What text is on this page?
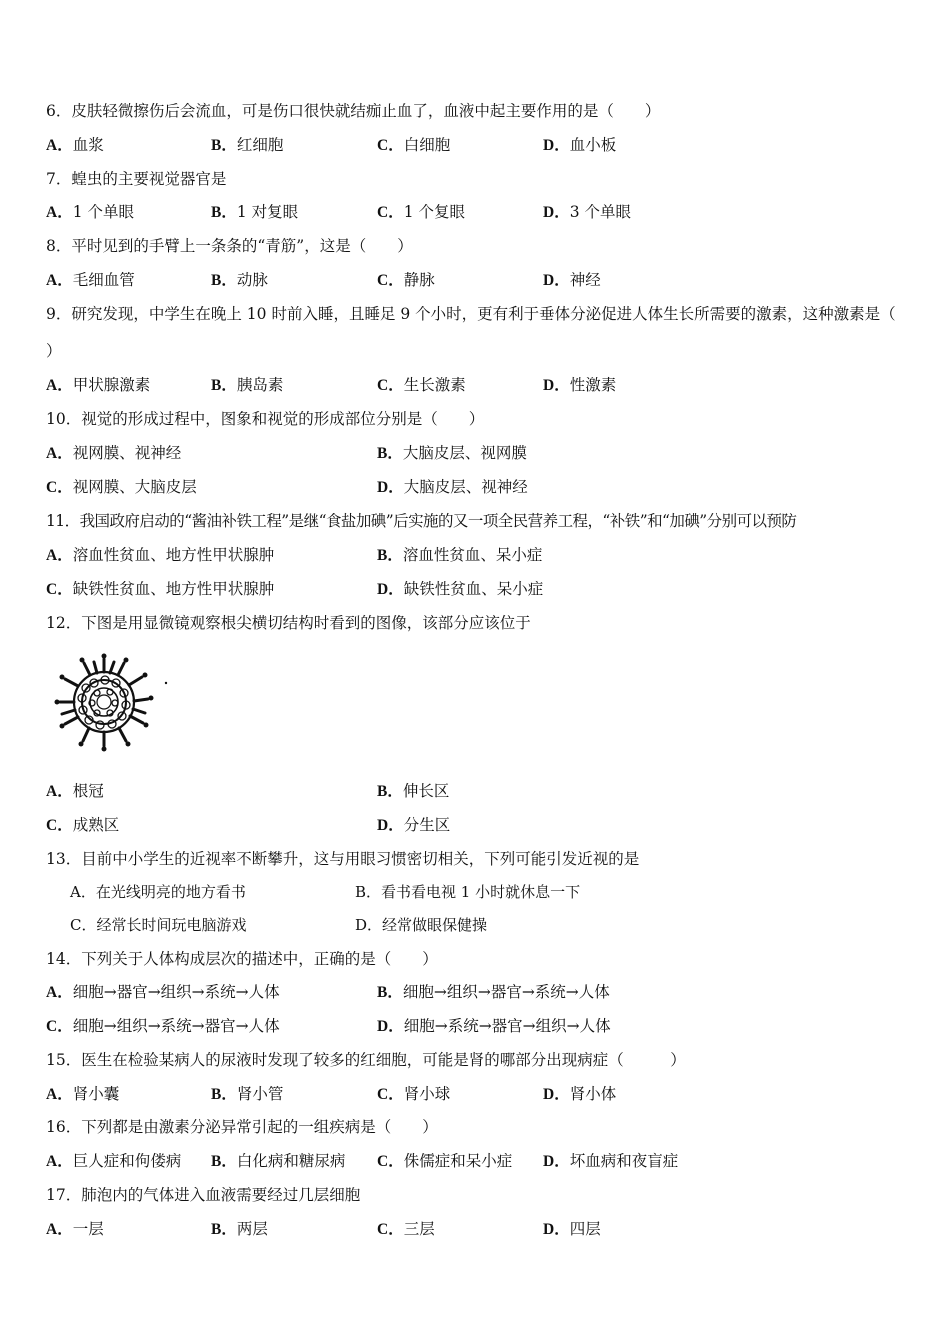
6．皮肤轻微擦伤后会流血，可是伤口很快就结痂止血了，血液中起主要作用的是（　　）
A．血浆	B．红细胞	C．白细胞	D．血小板
7．蝗虫的主要视觉器官是
A．1 个单眼	B．1 对复眼	C．1 个复眼	D．3 个单眼
8．平时见到的手臂上一条条的“青筋”，这是（　　）
A．毛细血管	B．动脉	C．静脉	D．神经
9．研究发现，中学生在晚上 10 时前入睡，且睡足 9 个小时，更有利于垂体分泌促进人体生长所需要的激素，这种激素是（ ）
A．甲状腺激素	B．胰岛素	C．生长激素	D．性激素
10．视觉的形成过程中，图象和视觉的形成部位分别是（　　）
A．视网膜、视神经	B．大脑皮层、视网膜
C．视网膜、大脑皮层	D．大脑皮层、视神经
11．我国政府启动的“酱油补铁工程”是继“食盐加碘”后实施的又一项全民营养工程，“补铁”和“加碘”分别可以预防
A．溶血性贫血、地方性甲状腺肿	B．溶血性贫血、呆小症
C．缺铁性贫血、地方性甲状腺肿	D．缺铁性贫血、呆小症
12．下图是用显微镜观察根尖横切结构时看到的图像，该部分应该位于
A．根冠	B．伸长区
C．成熟区	D．分生区
13．目前中小学生的近视率不断攀升，这与用眼习惯密切相关，下列可能引发近视的是
A．在光线明亮的地方看书	B．看书看电视 1 小时就休息一下
C．经常长时间玩电脑游戏	D．经常做眼保健操
14．下列关于人体构成层次的描述中，正确的是（　　）
A．细胞→器官→组织→系统→人体	B．细胞→组织→器官→系统→人体
C．细胞→组织→系统→器官→人体	D．细胞→系统→器官→组织→人体
15．医生在检验某病人的尿液时发现了较多的红细胞，可能是肾的哪部分出现病症（　　　）
A．肾小囊	B．肾小管	C．肾小球	D．肾小体
16．下列都是由激素分泌异常引起的一组疾病是（　　）
A．巨人症和佝偻病 B．白化病和糖尿病 C．侏儒症和呆小症 D．坏血病和夜盲症
17．肺泡内的气体进入血液需要经过几层细胞
A．一层	B．两层	C．三层	D．四层
